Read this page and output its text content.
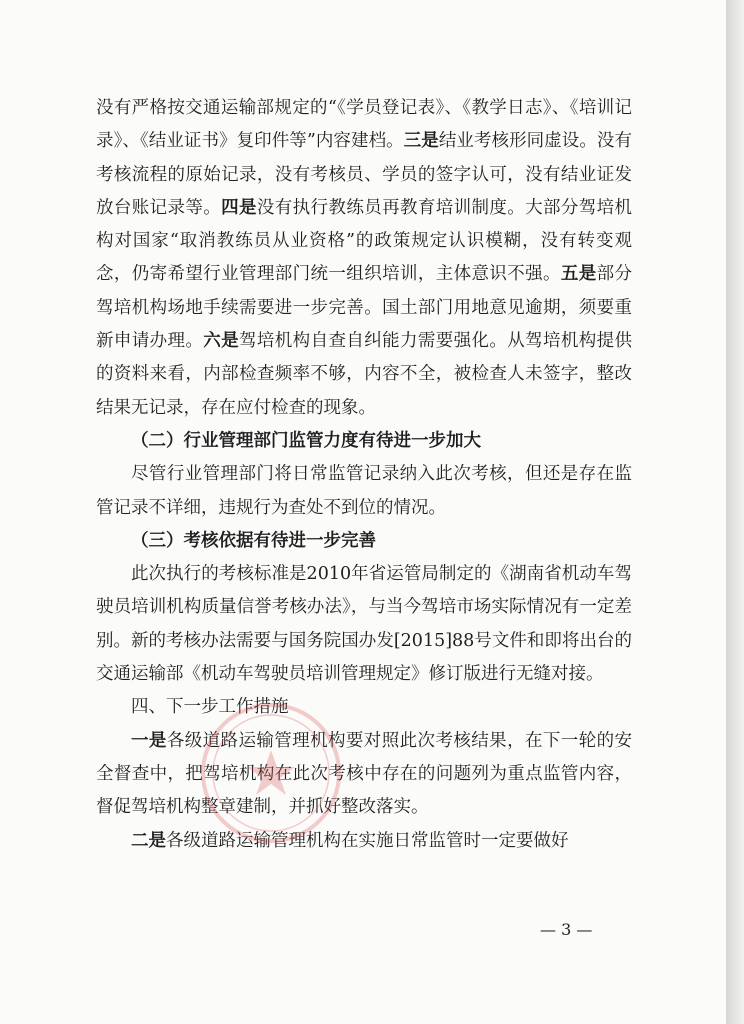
没有严格按交通运输部规定的“《学员登记表》、《教学日志》、《培训记录》、《结业证书》复印件等”内容建档。三是结业考核形同虚设。没有考核流程的原始记录，没有考核员、学员的签字认可，没有结业证发放台账记录等。四是没有执行教练员再教育培训制度。大部分驾培机构对国家“取消教练员从业资格”的政策规定认识模糊，没有转变观念，仍寄希望行业管理部门统一组织培训，主体意识不强。五是部分驾培机构场地手续需要进一步完善。国土部门用地意见逾期，须要重新申请办理。六是驾培机构自查自纠能力需要强化。从驾培机构提供的资料来看，内部检查频率不够，内容不全，被检查人未签字，整改结果无记录，存在应付检查的现象。

（二）行业管理部门监管力度有待进一步加大

尽管行业管理部门将日常监管记录纳入此次考核，但还是存在监管记录不详细，违规行为查处不到位的情况。

（三）考核依据有待进一步完善

此次执行的考核标准是2010年省运管局制定的《湖南省机动车驾驶员培训机构质量信誉考核办法》，与当今驾培市场实际情况有一定差别。新的考核办法需要与国务院国办发[2015]88号文件和即将出台的交通运输部《机动车驾驶员培训管理规定》修订版进行无缝对接。

四、下一步工作措施

一是各级道路运输管理机构要对照此次考核结果，在下一轮的安全督查中，把驾培机构在此次考核中存在的问题列为重点监管内容，督促驾培机构整章建制，并抓好整改落实。

二是各级道路运输管理机构在实施日常监管时一定要做好

— 3 —
